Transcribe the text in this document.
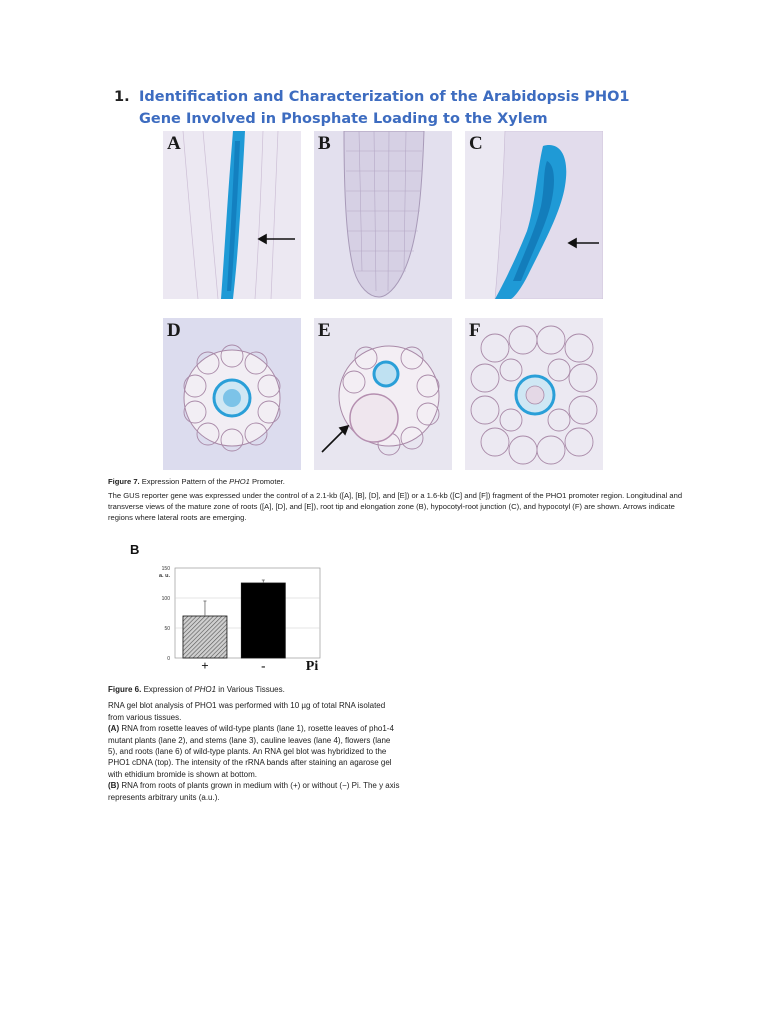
1. Identification and Characterization of the Arabidopsis PHO1 Gene Involved in Phosphate Loading to the Xylem
A	B	C
D	E	F
Figure 7. Expression Pattern of the PHO1 Promoter.

The GUS reporter gene was expressed under the control of a 2.1-kb ([A], [B], [D], and [E]) or a 1.6-kb ([C] and [F]) fragment of the PHO1 promoter region. Longitudinal and transverse views of the mature zone of roots ([A], [D], and [E]), root tip and elongation zone (B), hypocotyl-root junction (C), and hypocotyl (F) are shown. Arrows indicate regions where lateral roots are emerging.

B
0
50
100
150
a. u.
+	-	Pi

Figure 6. Expression of PHO1 in Various Tissues.

RNA gel blot analysis of PHO1 was performed with 10 µg of total RNA isolated from various tissues.

(A) RNA from rosette leaves of wild-type plants (lane 1), rosette leaves of pho1-4 mutant plants (lane 2), and stems (lane 3), cauline leaves (lane 4), flowers (lane 5), and roots (lane 6) of wild-type plants. An RNA gel blot was hybridized to the PHO1 cDNA (top). The intensity of the rRNA bands after staining an agarose gel with ethidium bromide is shown at bottom.

(B) RNA from roots of plants grown in medium with (+) or without (−) Pi. The y axis represents arbitrary units (a.u.).
